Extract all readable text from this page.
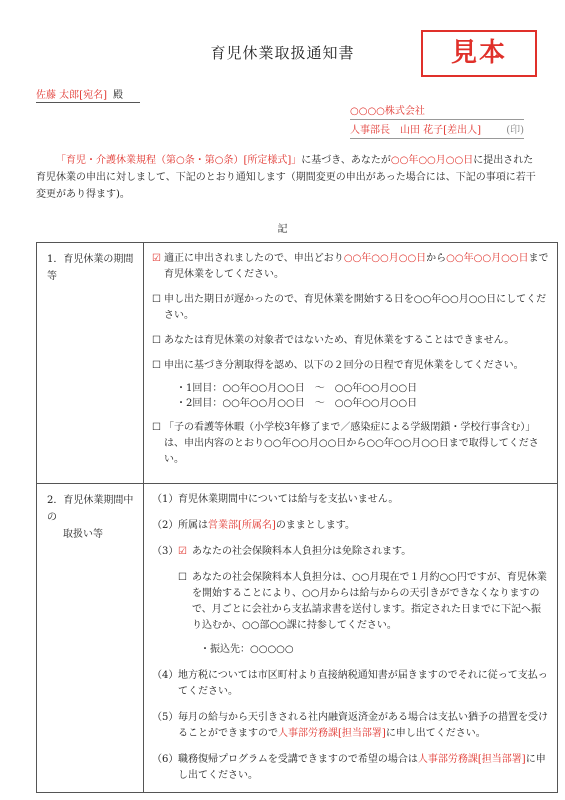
育児休業取扱通知書	見本
佐藤 太郎[宛名] 殿
○○○○株式会社
人事部長　山田 花子[差出人]	(印)
「育児・介護休業規程（第○条・第○条）[所定様式]」に基づき、あなたが○○年○○月○○日に提出された育児休業の申出に対しまして、下記のとおり通知します（期間変更の申出があった場合には、下記の事項に若干変更があり得ます)。
記
1．育児休業の期間等
☑ 適正に申出されましたので、申出どおり○○年○○月○○日から○○年○○月○○日まで育児休業をしてください。
☐ 申し出た期日が遅かったので、育児休業を開始する日を○○年○○月○○日にしてください。
☐ あなたは育児休業の対象者ではないため、育児休業をすることはできません。
☐ 申出に基づき分割取得を認め、以下の２回分の日程で育児休業をしてください。
・1回目：○○年○○月○○日　～　○○年○○月○○日
・2回目：○○年○○月○○日　～　○○年○○月○○日
☐ 「子の看護等休暇（小学校3年修了まで／感染症による学級閉鎖・学校行事含む）」は、申出内容のとおり○○年○○月○○日から○○年○○月○○日まで取得してください。
2．育児休業期間中の
取扱い等
（1） 育児休業期間中については給与を支払いません。
（2） 所属は営業部[所属名]のままとします。
（3） ☑ あなたの社会保険料本人負担分は免除されます。
☐ あなたの社会保険料本人負担分は、○○月現在で１月約○○円ですが、育児休業を開始することにより、○○月からは給与からの天引きができなくなりますので、月ごとに会社から支払請求書を送付します。指定された日までに下記へ振り込むか、○○部○○課に持参してください。
・振込先：○○○○○
（4） 地方税については市区町村より直接納税通知書が届きますのでそれに従って支払ってください。
（5） 毎月の給与から天引きされる社内融資返済金がある場合は支払い猶予の措置を受けることができますので人事部労務課[担当部署]に申し出てください。
（6） 職務復帰プログラムを受講できますので希望の場合は人事部労務課[担当部署]に申し出てください。
